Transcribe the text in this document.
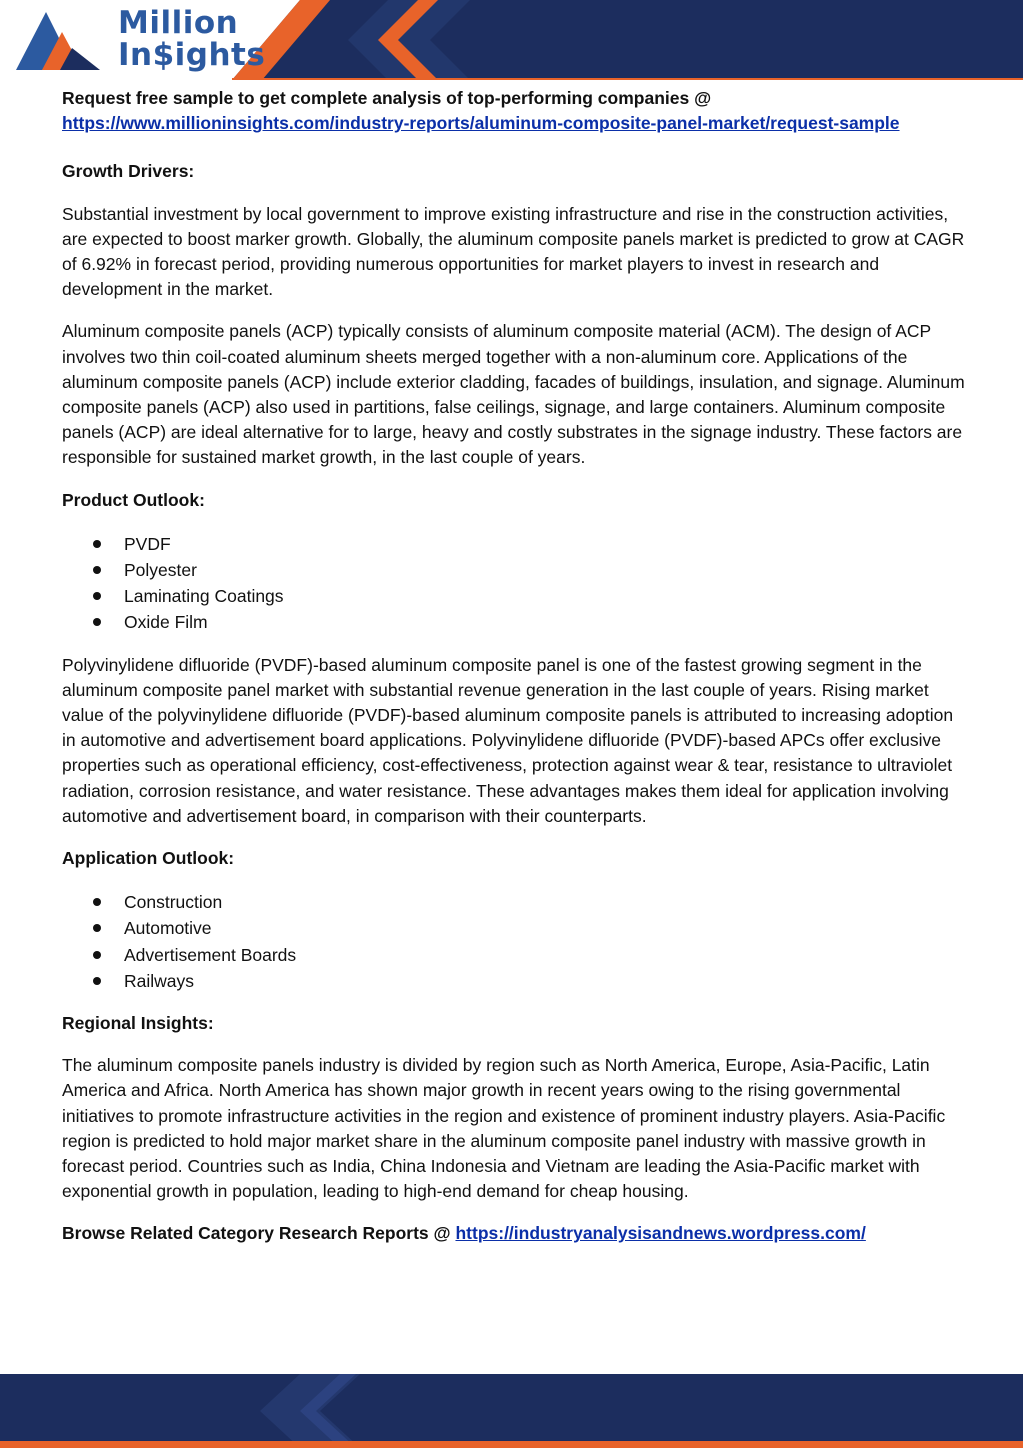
Million
In$ights

Request free sample to get complete analysis of top-performing companies @

https://www.millioninsights.com/industry-reports/aluminum-composite-panel-market/request-sample

Growth Drivers:

Substantial investment by local government to improve existing infrastructure and rise in the construction activities, are expected to boost marker growth. Globally, the aluminum composite panels market is predicted to grow at CAGR of 6.92% in forecast period, providing numerous opportunities for market players to invest in research and development in the market.

Aluminum composite panels (ACP) typically consists of aluminum composite material (ACM). The design of ACP involves two thin coil-coated aluminum sheets merged together with a non-aluminum core. Applications of the aluminum composite panels (ACP) include exterior cladding, facades of buildings, insulation, and signage. Aluminum composite panels (ACP) also used in partitions, false ceilings, signage, and large containers. Aluminum composite panels (ACP) are ideal alternative for to large, heavy and costly substrates in the signage industry. These factors are responsible for sustained market growth, in the last couple of years.

Product Outlook:

PVDF
Polyester
Laminating Coatings
Oxide Film

Polyvinylidene difluoride (PVDF)-based aluminum composite panel is one of the fastest growing segment in the aluminum composite panel market with substantial revenue generation in the last couple of years. Rising market value of the polyvinylidene difluoride (PVDF)-based aluminum composite panels is attributed to increasing adoption in automotive and advertisement board applications. Polyvinylidene difluoride (PVDF)-based APCs offer exclusive properties such as operational efficiency, cost-effectiveness, protection against wear & tear, resistance to ultraviolet radiation, corrosion resistance, and water resistance. These advantages makes them ideal for application involving automotive and advertisement board, in comparison with their counterparts.

Application Outlook:

Construction
Automotive
Advertisement Boards
Railways

Regional Insights:

The aluminum composite panels industry is divided by region such as North America, Europe, Asia-Pacific, Latin America and Africa. North America has shown major growth in recent years owing to the rising governmental initiatives to promote infrastructure activities in the region and existence of prominent industry players. Asia-Pacific region is predicted to hold major market share in the aluminum composite panel industry with massive growth in forecast period. Countries such as India, China Indonesia and Vietnam are leading the Asia-Pacific market with exponential growth in population, leading to high-end demand for cheap housing.

Browse Related Category Research Reports @ https://industryanalysisandnews.wordpress.com/
